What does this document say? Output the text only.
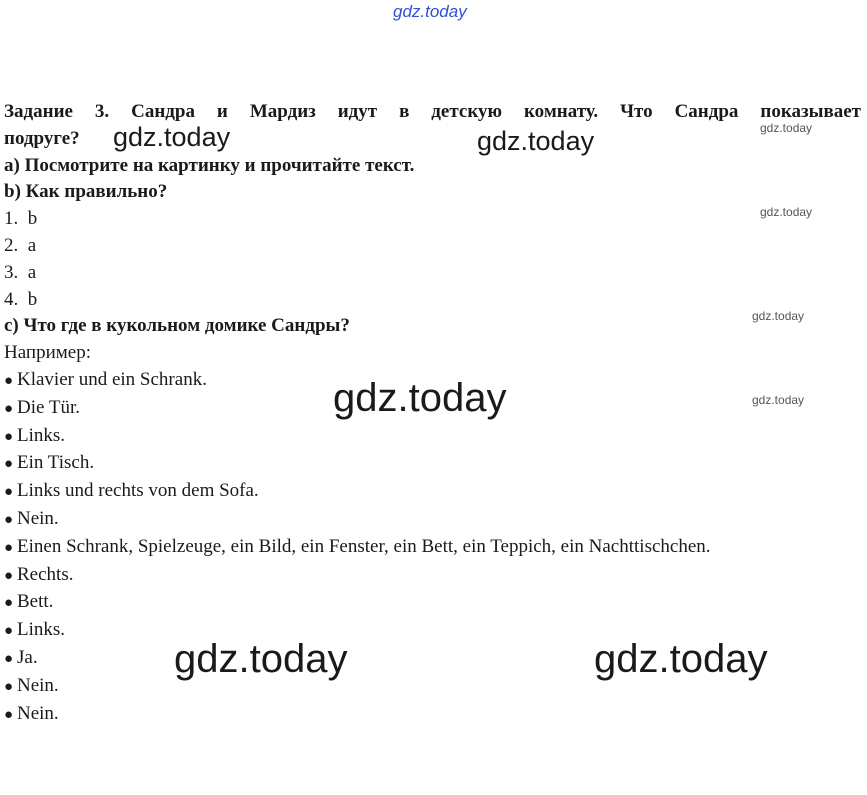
gdz.today
Задание 3. Сандра и Мардиз идут в детскую комнату. Что Сандра показывает
подруге?
a) Посмотрите на картинку и прочитайте текст.
b) Как правильно?
1. b
2. a
3. a
4. b
c) Что где в кукольном домике Сандры?
Например:
● Klavier und ein Schrank.
● Die Tür.
● Links.
● Ein Tisch.
● Links und rechts von dem Sofa.
● Nein.
● Einen Schrank, Spielzeuge, ein Bild, ein Fenster, ein Bett, ein Teppich, ein Nachttischchen.
● Rechts.
● Bett.
● Links.
● Ja.
● Nein.
● Nein.
gdz.today	gdz.today	gdz.today
gdz.today
gdz.today
gdz.today	gdz.today
gdz.today	gdz.today
